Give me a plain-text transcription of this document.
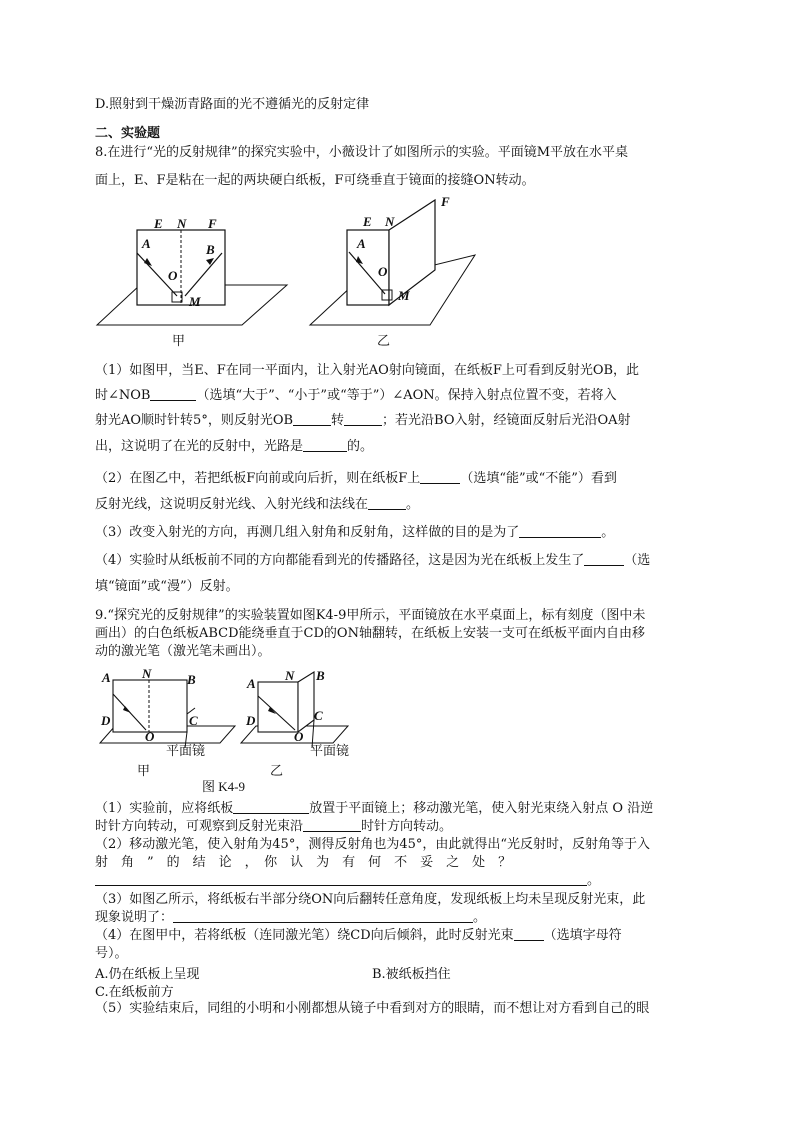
D.照射到干燥沥青路面的光不遵循光的反射定律
二、实验题
8.在进行“光的反射规律”的探究实验中，小薇设计了如图所示的实验。平面镜M平放在水平桌
面上，E、F是粘在一起的两块硬白纸板，F可绕垂直于镜面的接缝ON转动。
E N F
A	B
O
M
甲
E N
F
A
O
M
乙
（1）如图甲，当E、F在同一平面内，让入射光AO射向镜面，在纸板F上可看到反射光OB，此
时∠NOB	（选填“大于”、“小于”或“等于”）∠AON。保持入射点位置不变，若将入
射光AO顺时针转5°，则反射光OB	转	；若光沿BO入射，经镜面反射后光沿OA射
出，这说明了在光的反射中，光路是	的。
（2）在图乙中，若把纸板F向前或向后折，则在纸板F上	（选填“能”或“不能”）看到
反射光线，这说明反射光线、入射光线和法线在	。
（3）改变入射光的方向，再测几组入射角和反射角，这样做的目的是为了	。
（4）实验时从纸板前不同的方向都能看到光的传播路径，这是因为光在纸板上发生了	（选
填“镜面”或“漫”）反射。
9.“探究光的反射规律”的实验装置如图K4-9甲所示，平面镜放在水平桌面上，标有刻度（图中未
画出）的白色纸板ABCD能绕垂直于CD的ON轴翻转，在纸板上安装一支可在纸板平面内自由移
动的激光笔（激光笔未画出）。
A N	B
D	C
O
平面镜
甲
A
N B
D	C
O
平面镜
乙
图 K4-9
（1）实验前，应将纸板	放置于平面镜上；移动激光笔，使入射光束绕入射点 O 沿逆
时针方向转动，可观察到反射光束沿	时针方向转动。
（2）移动激光笔，使入射角为45°，测得反射角也为45°，由此就得出“光反射时，反射角等于入
射　角　”　的　结　论　，　你　认　为　有　何　不　妥　之　处　？
。
（3）如图乙所示，将纸板右半部分绕ON向后翻转任意角度，发现纸板上均未呈现反射光束，此
现象说明了：	。
（4）在图甲中，若将纸板（连同激光笔）绕CD向后倾斜，此时反射光束 （选填字母符
号）。
A.仍在纸板上呈现	B.被纸板挡住
C.在纸板前方
（5）实验结束后，同组的小明和小刚都想从镜子中看到对方的眼睛，而不想让对方看到自己的眼
